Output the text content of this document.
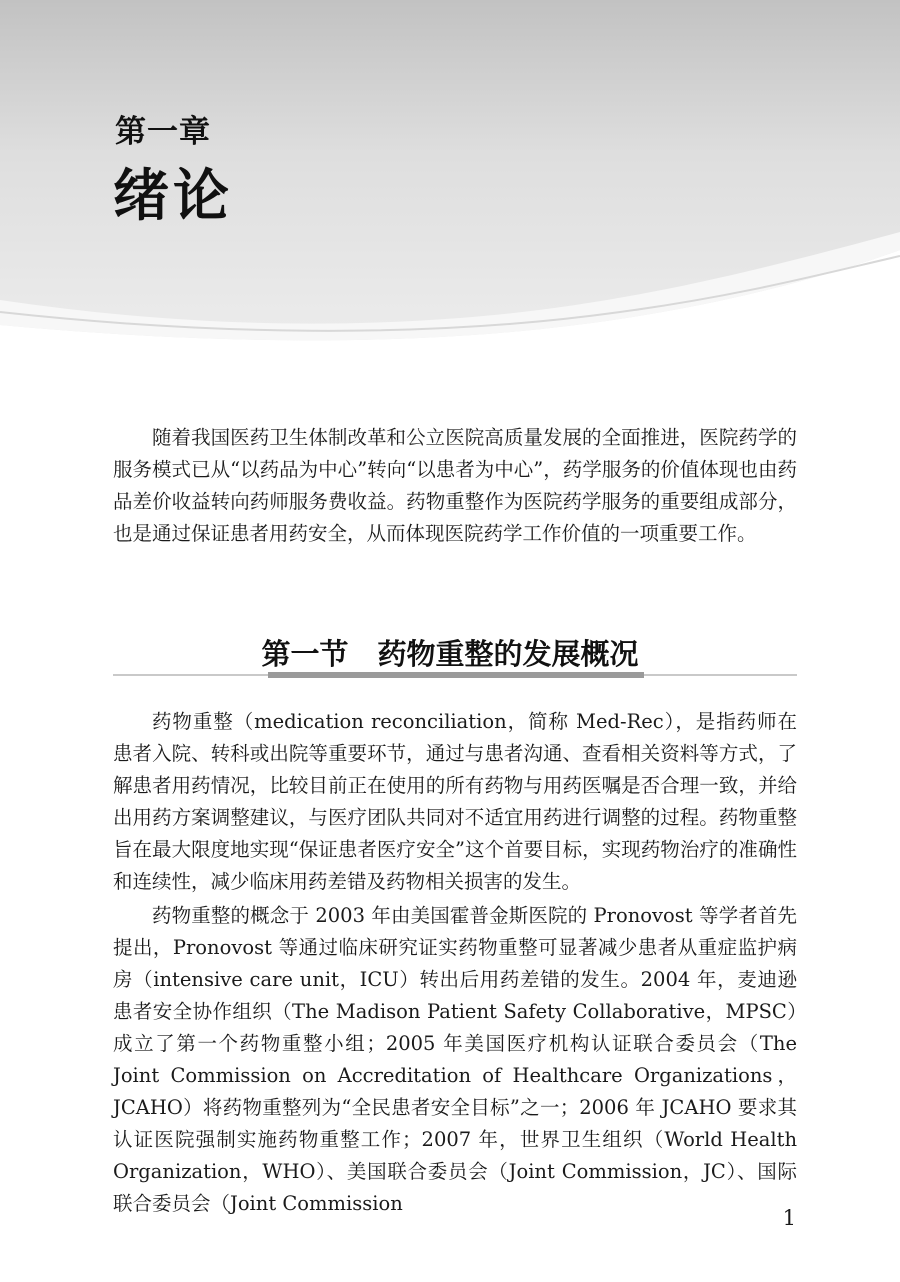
第一章
绪论

随着我国医药卫生体制改革和公立医院高质量发展的全面推进，医院药学的服务模式已从“以药品为中心”转向“以患者为中心”，药学服务的价值体现也由药品差价收益转向药师服务费收益。药物重整作为医院药学服务的重要组成部分，也是通过保证患者用药安全，从而体现医院药学工作价值的一项重要工作。

第一节　药物重整的发展概况

药物重整（medication reconciliation，简称 Med-Rec），是指药师在患者入院、转科或出院等重要环节，通过与患者沟通、查看相关资料等方式，了解患者用药情况，比较目前正在使用的所有药物与用药医嘱是否合理一致，并给出用药方案调整建议，与医疗团队共同对不适宜用药进行调整的过程。药物重整旨在最大限度地实现“保证患者医疗安全”这个首要目标，实现药物治疗的准确性和连续性，减少临床用药差错及药物相关损害的发生。

药物重整的概念于 2003 年由美国霍普金斯医院的 Pronovost 等学者首先提出，Pronovost 等通过临床研究证实药物重整可显著减少患者从重症监护病房（intensive care unit，ICU）转出后用药差错的发生。2004 年，麦迪逊患者安全协作组织（The Madison Patient Safety Collaborative，MPSC）成立了第一个药物重整小组；2005 年美国医疗机构认证联合委员会（The Joint Commission on Accreditation of Healthcare Organizations，JCAHO）将药物重整列为“全民患者安全目标”之一；2006 年 JCAHO 要求其认证医院强制实施药物重整工作；2007 年，世界卫生组织（World Health Organization，WHO）、美国联合委员会（Joint Commission，JC）、国际联合委员会（Joint Commission

1
